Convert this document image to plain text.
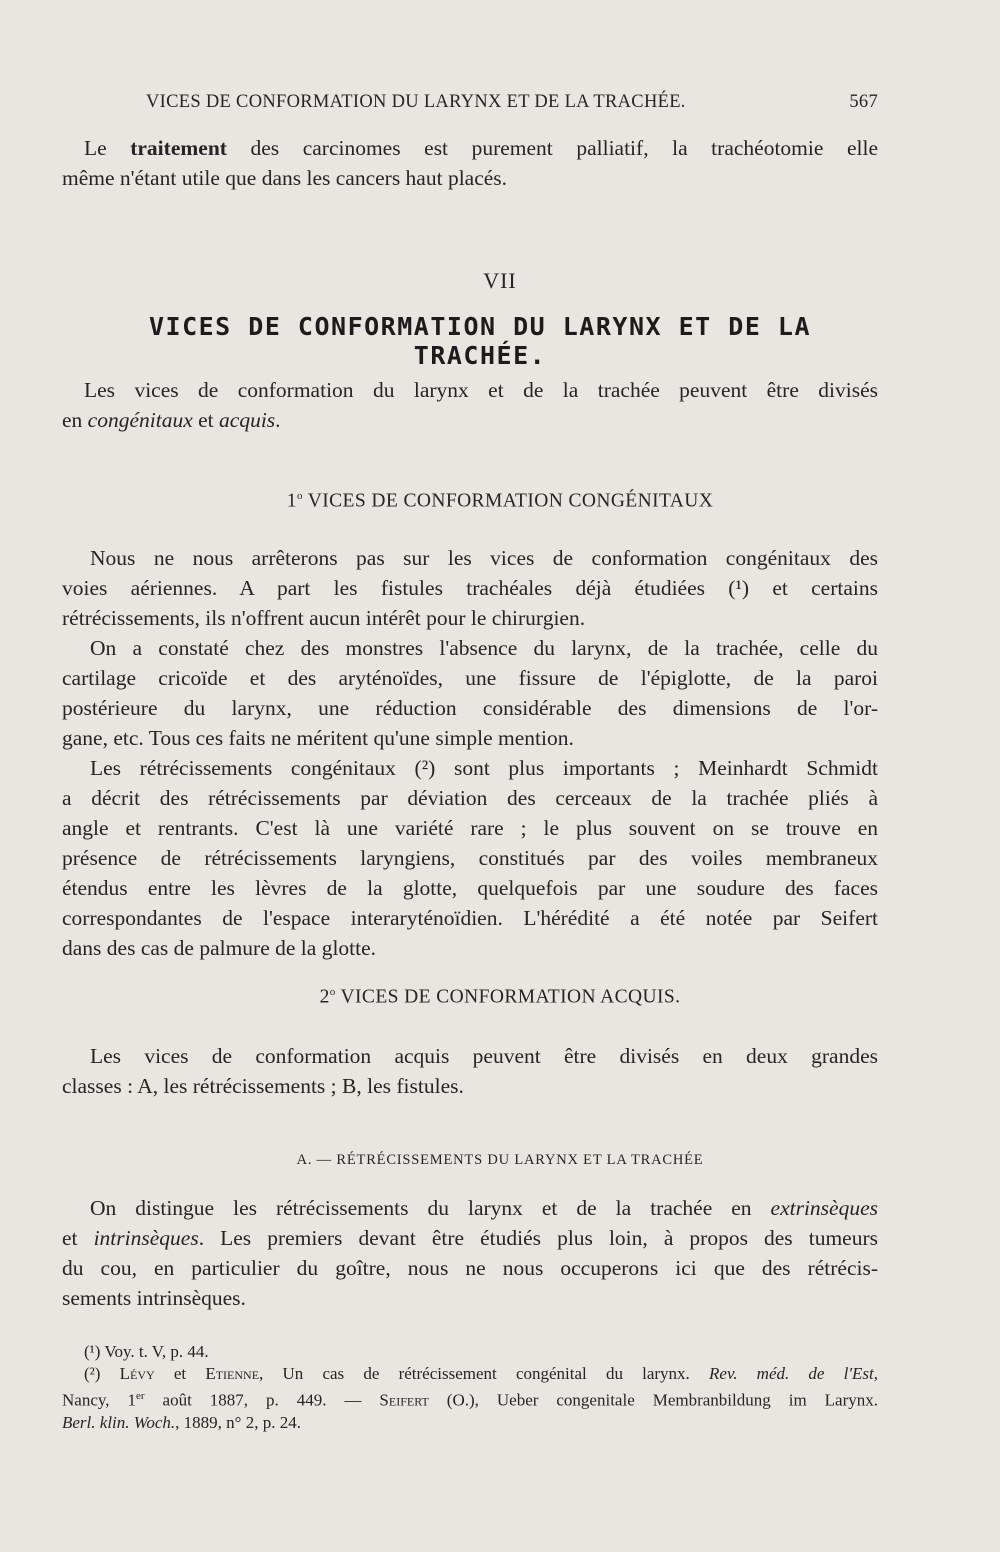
VICES DE CONFORMATION DU LARYNX ET DE LA TRACHÉE.	567
Le traitement des carcinomes est purement palliatif, la trachéotomie elle
même n'étant utile que dans les cancers haut placés.
VII
VICES DE CONFORMATION DU LARYNX ET DE LA TRACHÉE.
Les vices de conformation du larynx et de la trachée peuvent être divisés
en congénitaux et acquis.
1$^o$ VICES DE CONFORMATION CONGÉNITAUX
Nous ne nous arrêterons pas sur les vices de conformation congénitaux des
voies aériennes. A part les fistules trachéales déjà étudiées (¹) et certains
rétrécissements, ils n'offrent aucun intérêt pour le chirurgien.
On a constaté chez des monstres l'absence du larynx, de la trachée, celle du
cartilage cricoïde et des aryténoïdes, une fissure de l'épiglotte, de la paroi
postérieure du larynx, une réduction considérable des dimensions de l'or-
gane, etc. Tous ces faits ne méritent qu'une simple mention.
Les rétrécissements congénitaux (²) sont plus importants ; Meinhardt Schmidt
a décrit des rétrécissements par déviation des cerceaux de la trachée pliés à
angle et rentrants. C'est là une variété rare ; le plus souvent on se trouve en
présence de rétrécissements laryngiens, constitués par des voiles membraneux
étendus entre les lèvres de la glotte, quelquefois par une soudure des faces
correspondantes de l'espace interaryténoïdien. L'hérédité a été notée par Seifert
dans des cas de palmure de la glotte.
2$^o$ VICES DE CONFORMATION ACQUIS.
Les vices de conformation acquis peuvent être divisés en deux grandes
classes : A, les rétrécissements ; B, les fistules.
A. — RÉTRÉCISSEMENTS DU LARYNX ET LA TRACHÉE
On distingue les rétrécissements du larynx et de la trachée en extrinsèques
et intrinsèques. Les premiers devant être étudiés plus loin, à propos des tumeurs
du cou, en particulier du goître, nous ne nous occuperons ici que des rétrécis-
sements intrinsèques.
(¹) Voy. t. V, p. 44.
(²) Lévy et Etienne, Un cas de rétrécissement congénital du larynx. Rev. méd. de l'Est,
Nancy, 1er août 1887, p. 449. — Seifert (O.), Ueber congenitale Membranbildung im Larynx.
Berl. klin. Woch., 1889, n° 2, p. 24.
